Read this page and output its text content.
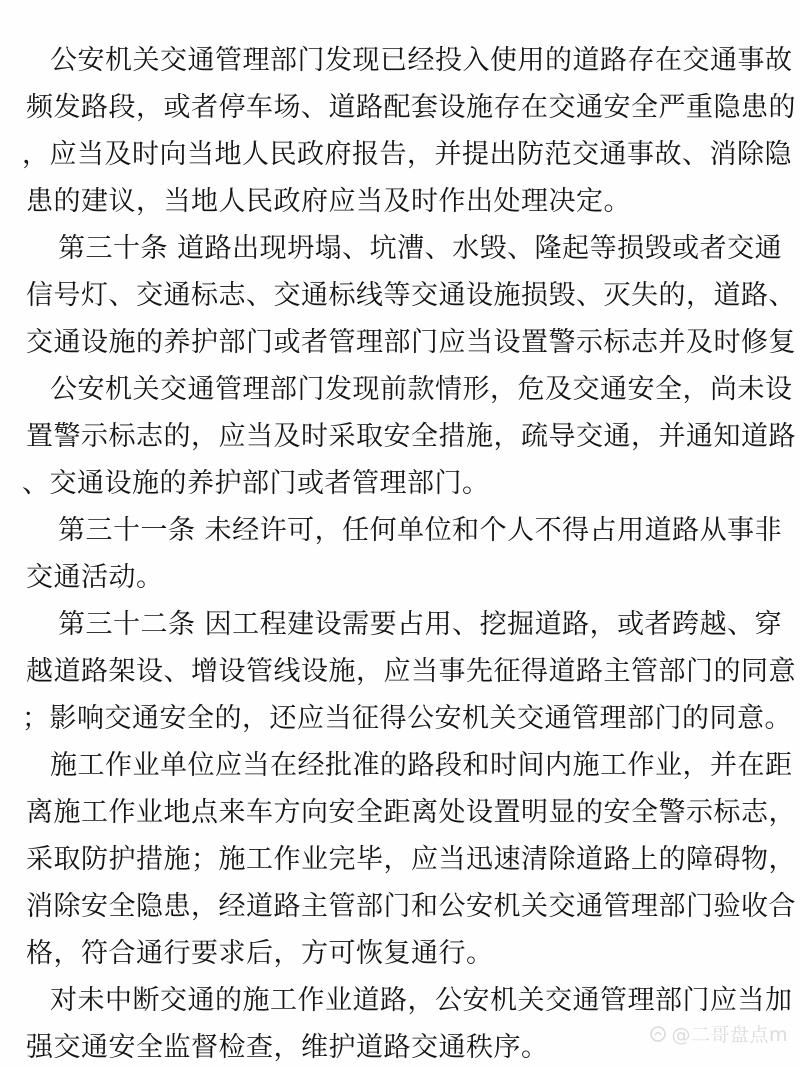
公安机关交通管理部门发现已经投入使用的道路存在交通事故
频发路段，或者停车场、道路配套设施存在交通安全严重隐患的
，应当及时向当地人民政府报告，并提出防范交通事故、消除隐
患的建议，当地人民政府应当及时作出处理决定。
第三十条 道路出现坍塌、坑漕、水毁、隆起等损毁或者交通
信号灯、交通标志、交通标线等交通设施损毁、灭失的，道路、
交通设施的养护部门或者管理部门应当设置警示标志并及时修复
公安机关交通管理部门发现前款情形，危及交通安全，尚未设
置警示标志的，应当及时采取安全措施，疏导交通，并通知道路
、交通设施的养护部门或者管理部门。
第三十一条 未经许可，任何单位和个人不得占用道路从事非
交通活动。
第三十二条 因工程建设需要占用、挖掘道路，或者跨越、穿
越道路架设、增设管线设施，应当事先征得道路主管部门的同意
；影响交通安全的，还应当征得公安机关交通管理部门的同意。
施工作业单位应当在经批准的路段和时间内施工作业，并在距
离施工作业地点来车方向安全距离处设置明显的安全警示标志，
采取防护措施；施工作业完毕，应当迅速清除道路上的障碍物，
消除安全隐患，经道路主管部门和公安机关交通管理部门验收合
格，符合通行要求后，方可恢复通行。
对未中断交通的施工作业道路，公安机关交通管理部门应当加
强交通安全监督检查，维护道路交通秩序。	@二哥盘点m
